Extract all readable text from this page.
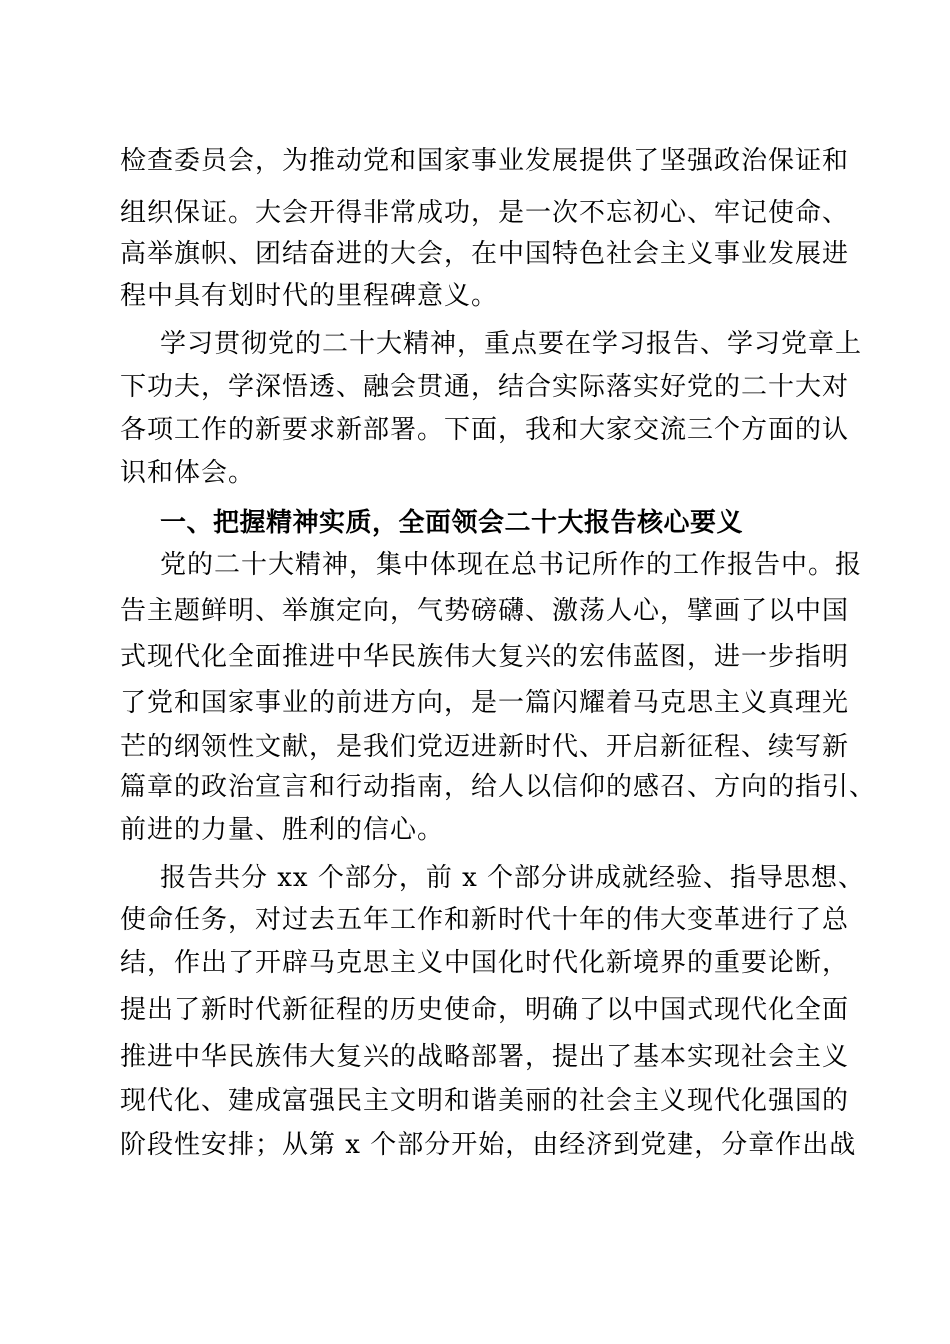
检查委员会，为推动党和国家事业发展提供了坚强政治保证和
组织保证。大会开得非常成功，是一次不忘初心、牢记使命、
高举旗帜、团结奋进的大会，在中国特色社会主义事业发展进
程中具有划时代的里程碑意义。
学习贯彻党的二十大精神，重点要在学习报告、学习党章上
下功夫，学深悟透、融会贯通，结合实际落实好党的二十大对
各项工作的新要求新部署。下面，我和大家交流三个方面的认
识和体会。
一、把握精神实质，全面领会二十大报告核心要义
党的二十大精神，集中体现在总书记所作的工作报告中。报
告主题鲜明、举旗定向，气势磅礴、激荡人心，擘画了以中国
式现代化全面推进中华民族伟大复兴的宏伟蓝图，进一步指明
了党和国家事业的前进方向，是一篇闪耀着马克思主义真理光
芒的纲领性文献，是我们党迈进新时代、开启新征程、续写新
篇章的政治宣言和行动指南，给人以信仰的感召、方向的指引、
前进的力量、胜利的信心。
报告共分 xx 个部分，前 x 个部分讲成就经验、指导思想、
使命任务，对过去五年工作和新时代十年的伟大变革进行了总
结，作出了开辟马克思主义中国化时代化新境界的重要论断，
提出了新时代新征程的历史使命，明确了以中国式现代化全面
推进中华民族伟大复兴的战略部署，提出了基本实现社会主义
现代化、建成富强民主文明和谐美丽的社会主义现代化强国的
阶段性安排；从第 x 个部分开始，由经济到党建，分章作出战
